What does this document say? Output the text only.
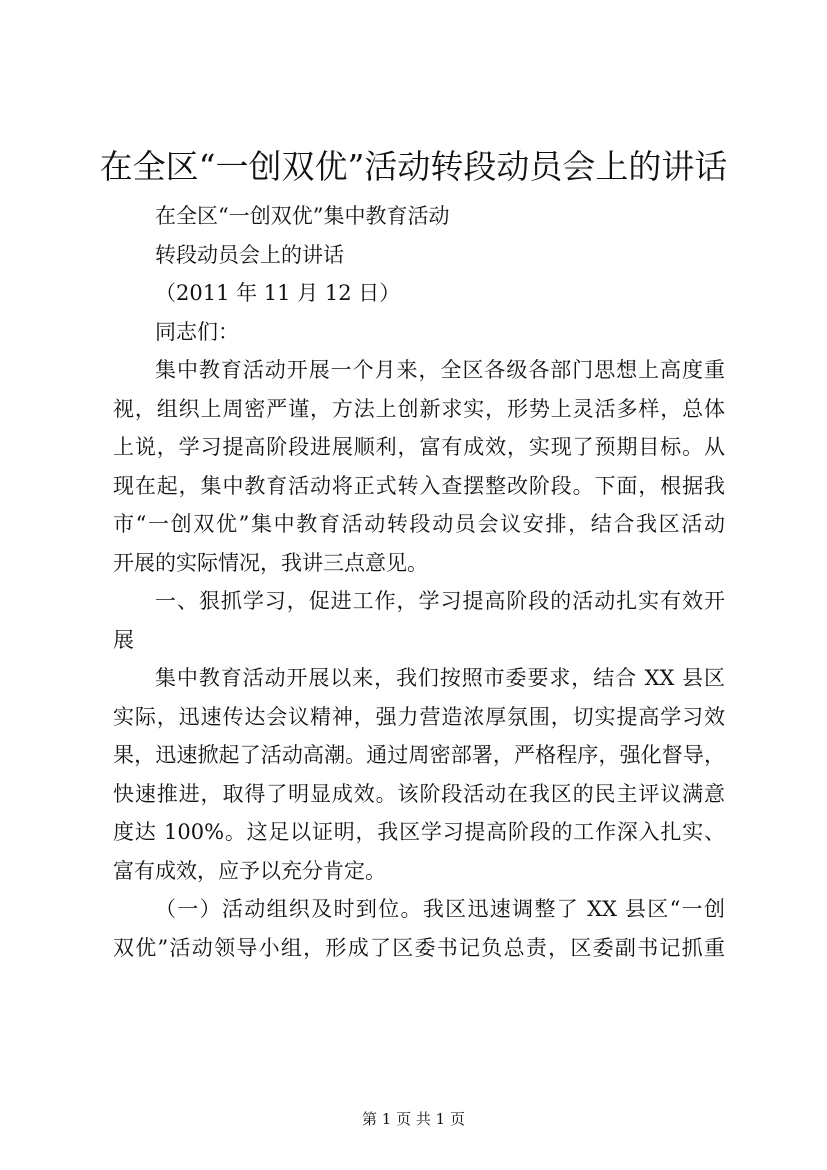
在全区“一创双优”活动转段动员会上的讲话
在全区“一创双优”集中教育活动
转段动员会上的讲话
（2011 年 11 月 12 日）
同志们：
集中教育活动开展一个月来，全区各级各部门思想上高度重
视，组织上周密严谨，方法上创新求实，形势上灵活多样，总体
上说，学习提高阶段进展顺利，富有成效，实现了预期目标。从
现在起，集中教育活动将正式转入查摆整改阶段。下面，根据我
市“一创双优”集中教育活动转段动员会议安排，结合我区活动
开展的实际情况，我讲三点意见。
一、狠抓学习，促进工作，学习提高阶段的活动扎实有效开
展
集中教育活动开展以来，我们按照市委要求，结合 XX 县区
实际，迅速传达会议精神，强力营造浓厚氛围，切实提高学习效
果，迅速掀起了活动高潮。通过周密部署，严格程序，强化督导，
快速推进，取得了明显成效。该阶段活动在我区的民主评议满意
度达 100%。这足以证明，我区学习提高阶段的工作深入扎实、
富有成效，应予以充分肯定。
（一）活动组织及时到位。我区迅速调整了 XX 县区“一创
双优”活动领导小组，形成了区委书记负总责，区委副书记抓重
第 1 页 共 1 页
